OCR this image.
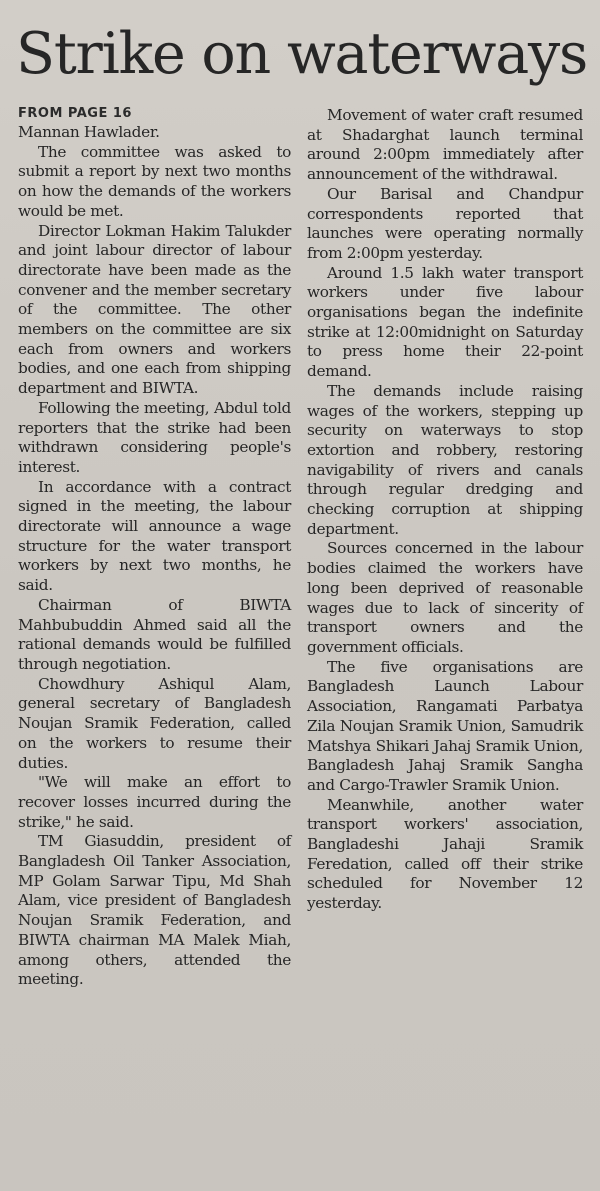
Strike on waterways
FROM PAGE 16

Mannan Hawlader.

The committee was asked to submit a report by next two months on how the demands of the workers would be met.

Director Lokman Hakim Talukder and joint labour director of labour directorate have been made as the convener and the member secretary of the committee. The other members on the committee are six each from owners and workers bodies, and one each from shipping department and BIWTA.

Following the meeting, Abdul told reporters that the strike had been withdrawn considering people's interest.

In accordance with a contract signed in the meeting, the labour directorate will announce a wage structure for the water transport workers by next two months, he said.

Chairman of BIWTA Mahbubuddin Ahmed said all the rational demands would be fulfilled through negotiation.

Chowdhury Ashiqul Alam, general secretary of Bangladesh Noujan Sramik Federation, called on the workers to resume their duties.

"We will make an effort to recover losses incurred during the strike," he said.

TM Giasuddin, president of Bangladesh Oil Tanker Association, MP Golam Sarwar Tipu, Md Shah Alam, vice president of Bangladesh Noujan Sramik Federation, and BIWTA chairman MA Malek Miah, among others, attended the meeting.

Movement of water craft resumed at Shadarghat launch terminal around 2:00pm immediately after announcement of the withdrawal.

Our Barisal and Chandpur correspondents reported that launches were operating normally from 2:00pm yesterday.

Around 1.5 lakh water transport workers under five labour organisations began the indefinite strike at 12:00midnight on Saturday to press home their 22-point demand.

The demands include raising wages of the workers, stepping up security on waterways to stop extortion and robbery, restoring navigability of rivers and canals through regular dredging and checking corruption at shipping department.

Sources concerned in the labour bodies claimed the workers have long been deprived of reasonable wages due to lack of sincerity of transport owners and the government officials.

The five organisations are Bangladesh Launch Labour Association, Rangamati Parbatya Zila Noujan Sramik Union, Samudrik Matshya Shikari Jahaj Sramik Union, Bangladesh Jahaj Sramik Sangha and Cargo-Trawler Sramik Union.

Meanwhile, another water transport workers' association, Bangladeshi Jahaji Sramik Feredation, called off their strike scheduled for November 12 yesterday.
